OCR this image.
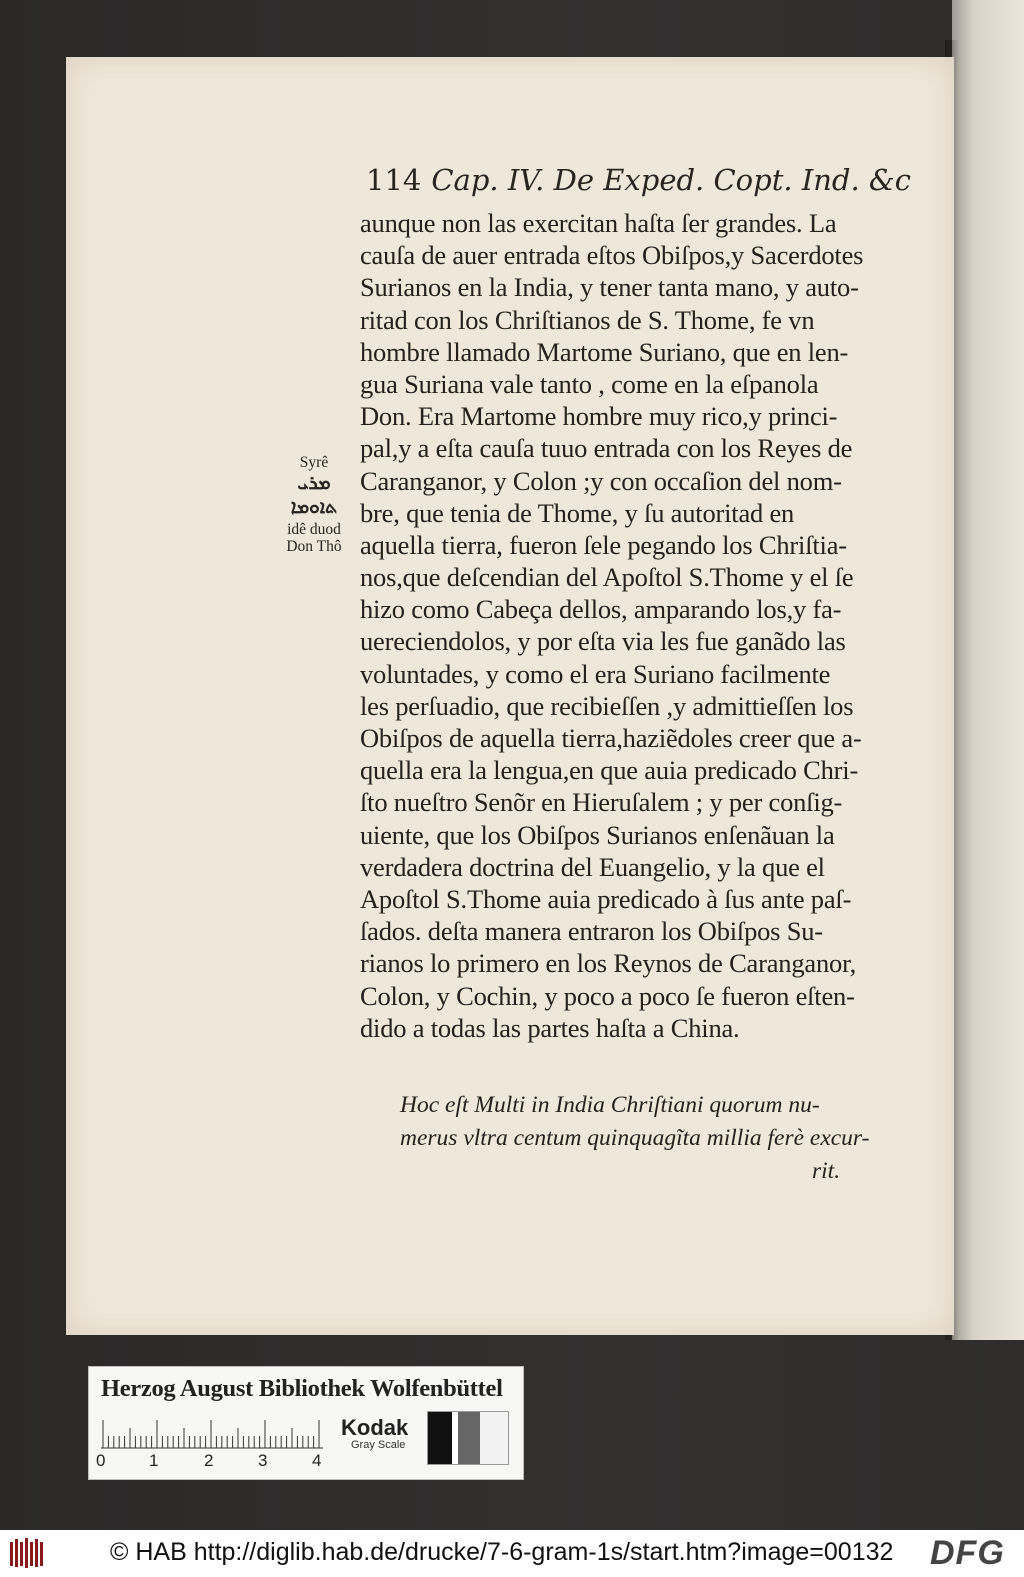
114 Cap. IV. De Exped. Copt. Ind. &c
Syrê
ܡܪܝ
ܬܐܘܡܐ
idê duod
Don Thô
aunque non las exercitan haſta ſer grandes. La
cauſa de auer entrada eſtos Obiſpos,y Sacerdotes
Surianos en la India, y tener tanta mano, y auto-
ritad con los Chriſtianos de S. Thome, fe vn
hombre llamado Martome Suriano, que en len-
gua Suriana vale tanto , come en la eſpanola
Don. Era Martome hombre muy rico,y princi-
pal,y a eſta cauſa tuuo entrada con los Reyes de
Caranganor, y Colon ;y con occaſion del nom-
bre, que tenia de Thome, y ſu autoritad en
aquella tierra, fueron ſele pegando los Chriſtia-
nos,que deſcendian del Apoſtol S.Thome y el ſe
hizo como Cabeça dellos, amparando los,y fa-
uereciendolos, y por eſta via les fue ganãdo las
voluntades, y como el era Suriano facilmente
les perſuadio, que recibieſſen ,y admittieſſen los
Obiſpos de aquella tierra,haziẽdoles creer que a-
quella era la lengua,en que auia predicado Chri-
ſto nueſtro Senõr en Hieruſalem ; y per conſig-
uiente, que los Obiſpos Surianos enſenãuan la
verdadera doctrina del Euangelio, y la que el
Apoſtol S.Thome auia predicado à ſus ante paſ-
ſados. deſta manera entraron los Obiſpos Su-
rianos lo primero en los Reynos de Caranganor,
Colon, y Cochin, y poco a poco ſe fueron eſten-
dido a todas las partes haſta a China.
Hoc eſt Multi in India Chriſtiani quorum nu-
merus vltra centum quinquagĩta millia ferè excur-
rit.
Herzog August Bibliothek Wolfenbüttel
0	1	2	3	4
Kodak
Gray Scale
© HAB http://diglib.hab.de/drucke/7-6-gram-1s/start.htm?image=00132 DFG
